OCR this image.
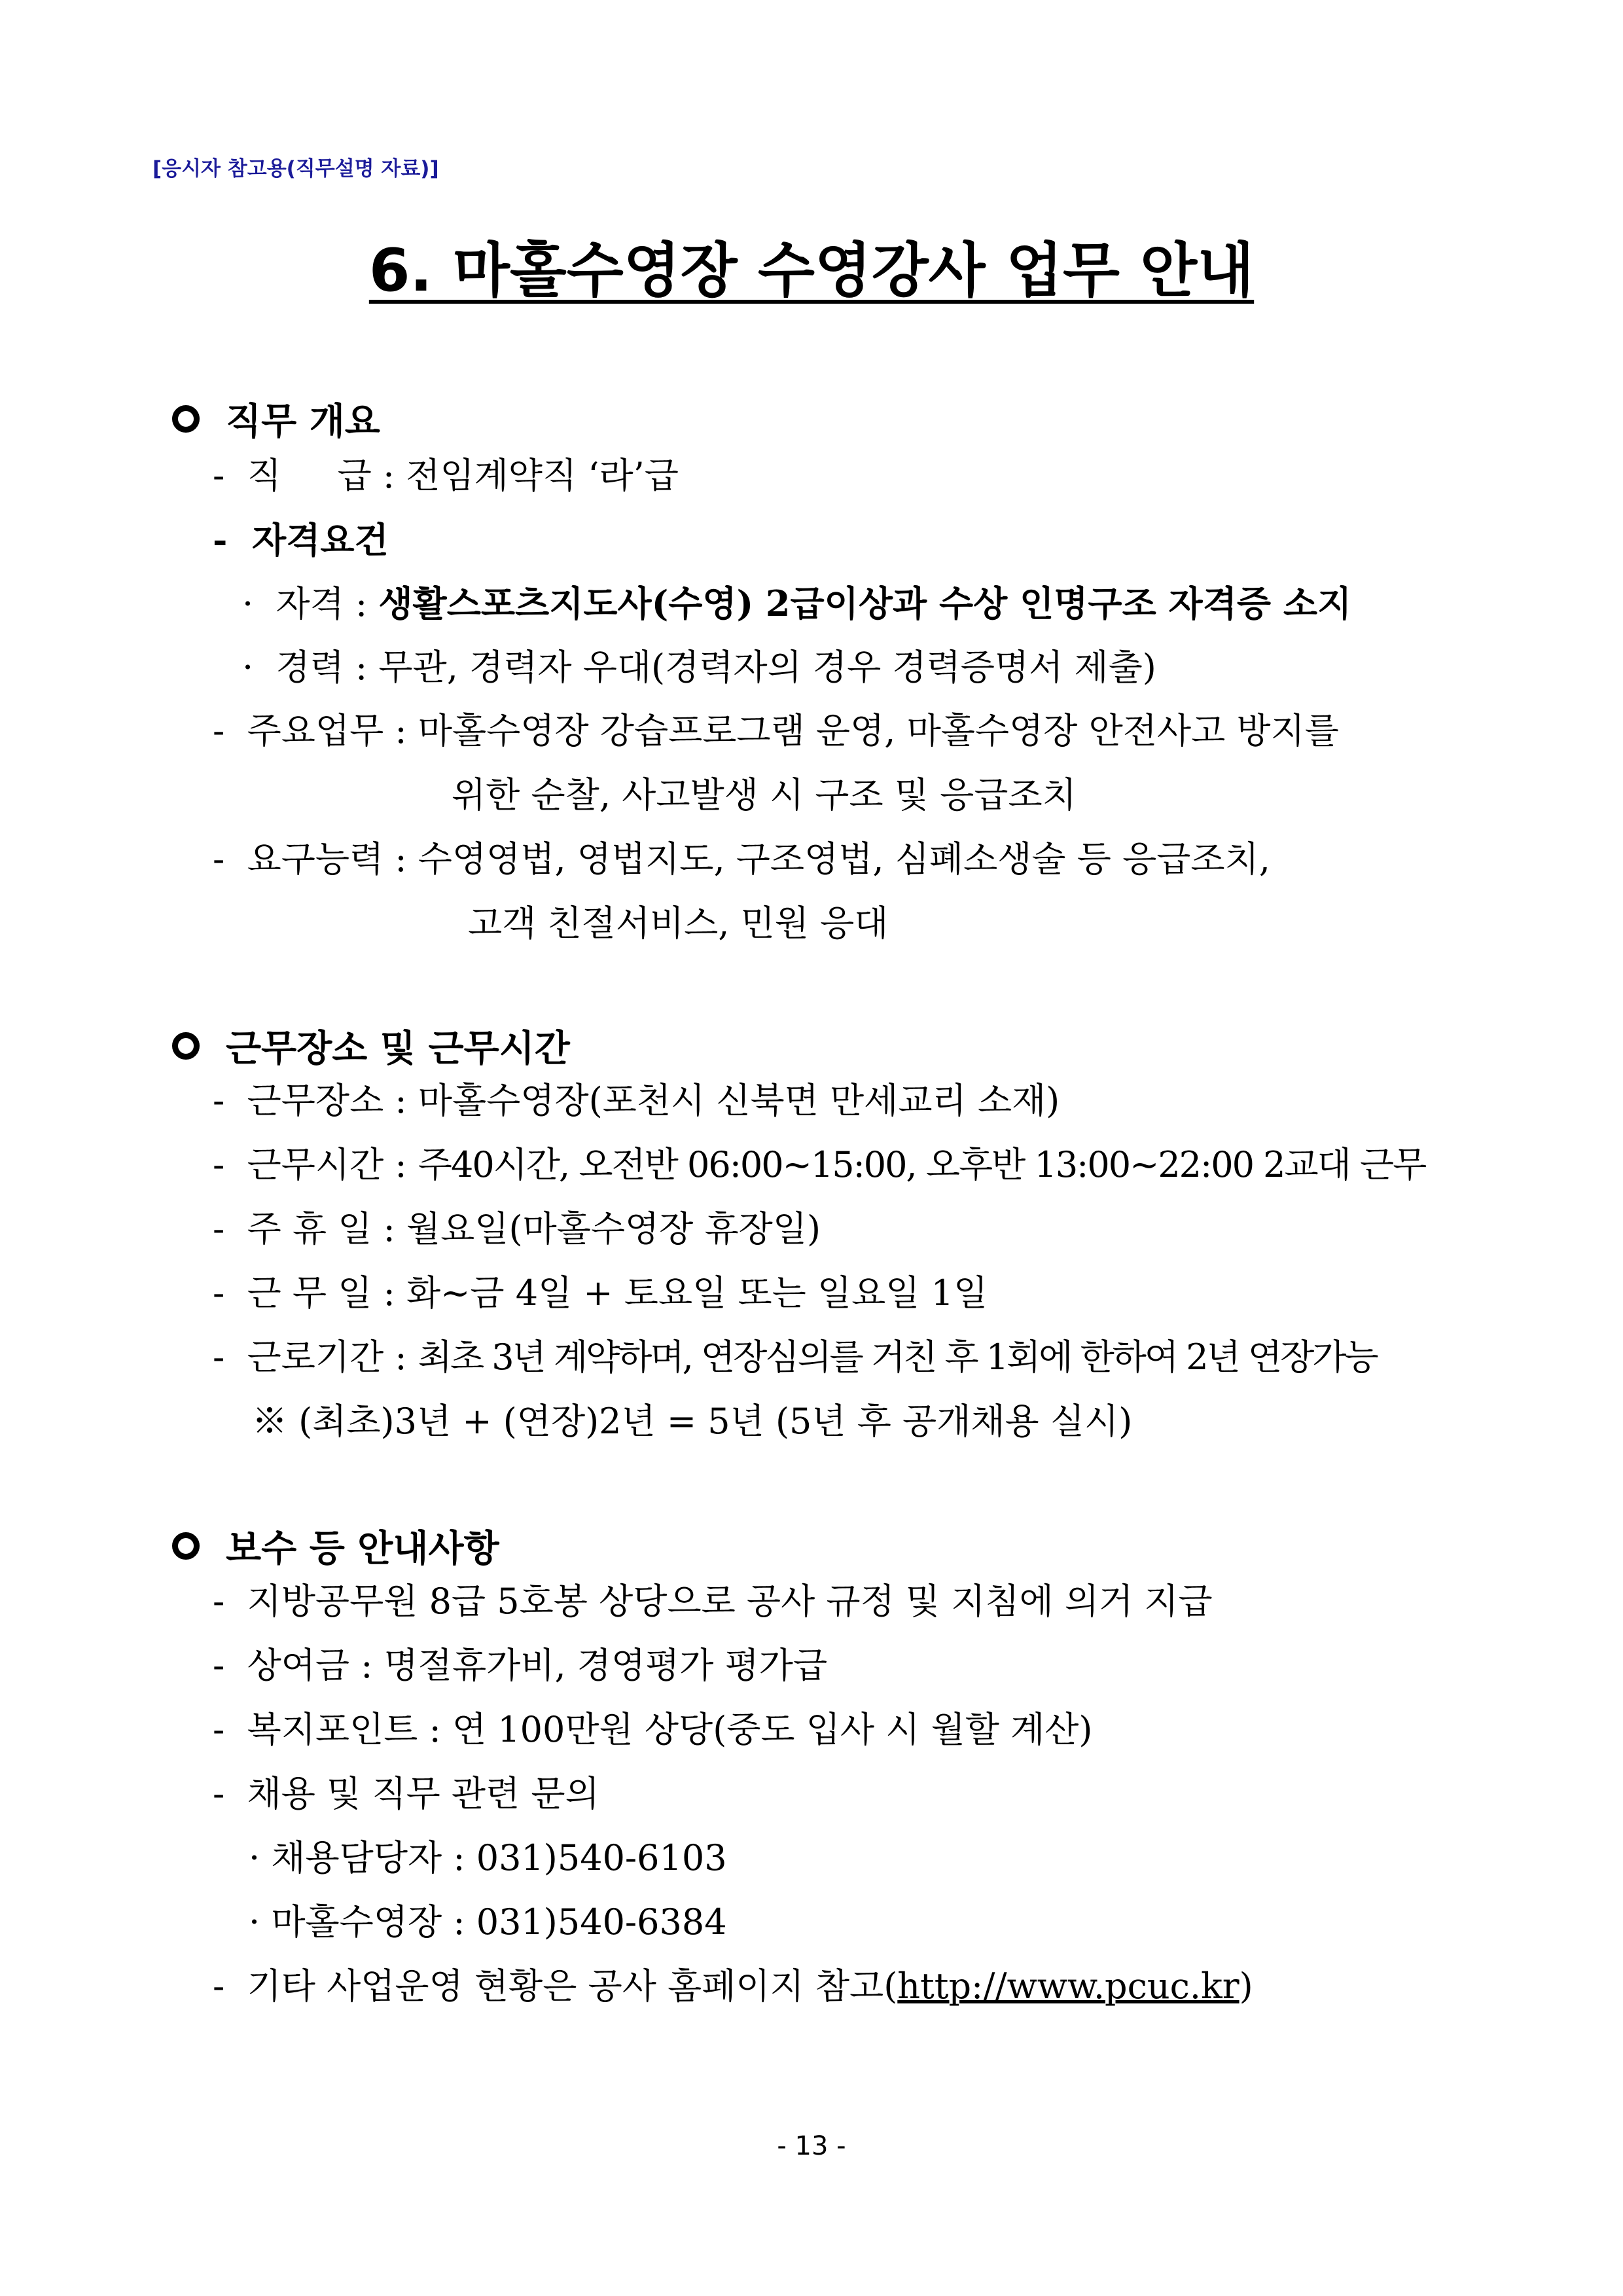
[응시자 참고용(직무설명 자료)]
6. 마홀수영장 수영강사 업무 안내
직무 개요
- 직     급 : 전임계약직 ‘라’급
- 자격요건
· 자격 : 생활스포츠지도사(수영) 2급이상과 수상 인명구조 자격증 소지
· 경력 : 무관, 경력자 우대(경력자의 경우 경력증명서 제출)
- 주요업무 : 마홀수영장 강습프로그램 운영, 마홀수영장 안전사고 방지를
위한 순찰, 사고발생 시 구조 및 응급조치
- 요구능력 : 수영영법, 영법지도, 구조영법, 심폐소생술 등 응급조치,
고객 친절서비스, 민원 응대
근무장소 및 근무시간
- 근무장소 : 마홀수영장(포천시 신북면 만세교리 소재)
- 근무시간 : 주40시간, 오전반 06:00~15:00, 오후반 13:00~22:00 2교대 근무
- 주 휴 일 : 월요일(마홀수영장 휴장일)
- 근 무 일 : 화~금 4일 + 토요일 또는 일요일 1일
- 근로기간 : 최초 3년 계약하며, 연장심의를 거친 후 1회에 한하여 2년 연장가능
※ (최초)3년 + (연장)2년 = 5년 (5년 후 공개채용 실시)
보수 등 안내사항
- 지방공무원 8급 5호봉 상당으로 공사 규정 및 지침에 의거 지급
- 상여금 : 명절휴가비, 경영평가 평가급
- 복지포인트 : 연 100만원 상당(중도 입사 시 월할 계산)
- 채용 및 직무 관련 문의
· 채용담당자 : 031)540-6103
· 마홀수영장 : 031)540-6384
- 기타 사업운영 현황은 공사 홈페이지 참고(http://www.pcuc.kr)
- 13 -
